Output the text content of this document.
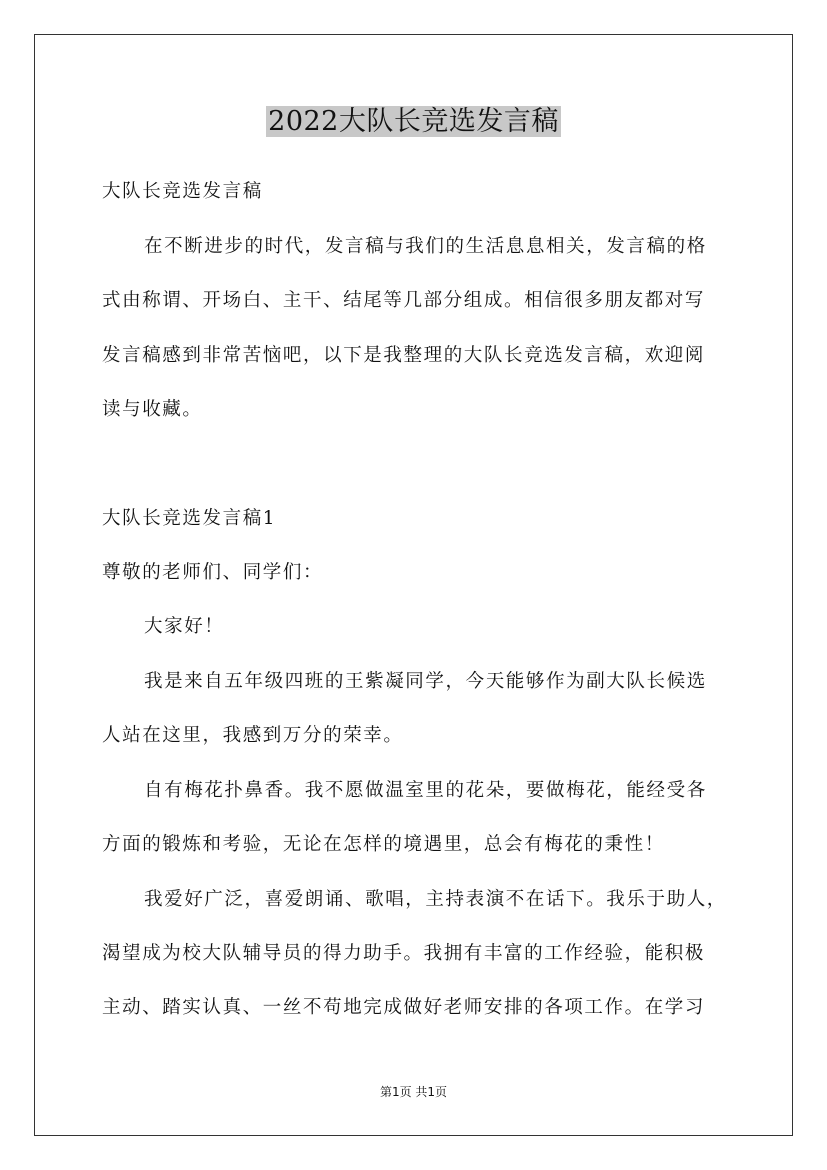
2022大队长竞选发言稿
大队长竞选发言稿
在不断进步的时代，发言稿与我们的生活息息相关，发言稿的格
式由称谓、开场白、主干、结尾等几部分组成。相信很多朋友都对写
发言稿感到非常苦恼吧，以下是我整理的大队长竞选发言稿，欢迎阅
读与收藏。
大队长竞选发言稿1
尊敬的老师们、同学们：
大家好！
我是来自五年级四班的王紫凝同学，今天能够作为副大队长候选
人站在这里，我感到万分的荣幸。
自有梅花扑鼻香。我不愿做温室里的花朵，要做梅花，能经受各
方面的锻炼和考验，无论在怎样的境遇里，总会有梅花的秉性！
我爱好广泛，喜爱朗诵、歌唱，主持表演不在话下。我乐于助人，
渴望成为校大队辅导员的得力助手。我拥有丰富的工作经验，能积极
主动、踏实认真、一丝不苟地完成做好老师安排的各项工作。在学习
第1页 共1页
